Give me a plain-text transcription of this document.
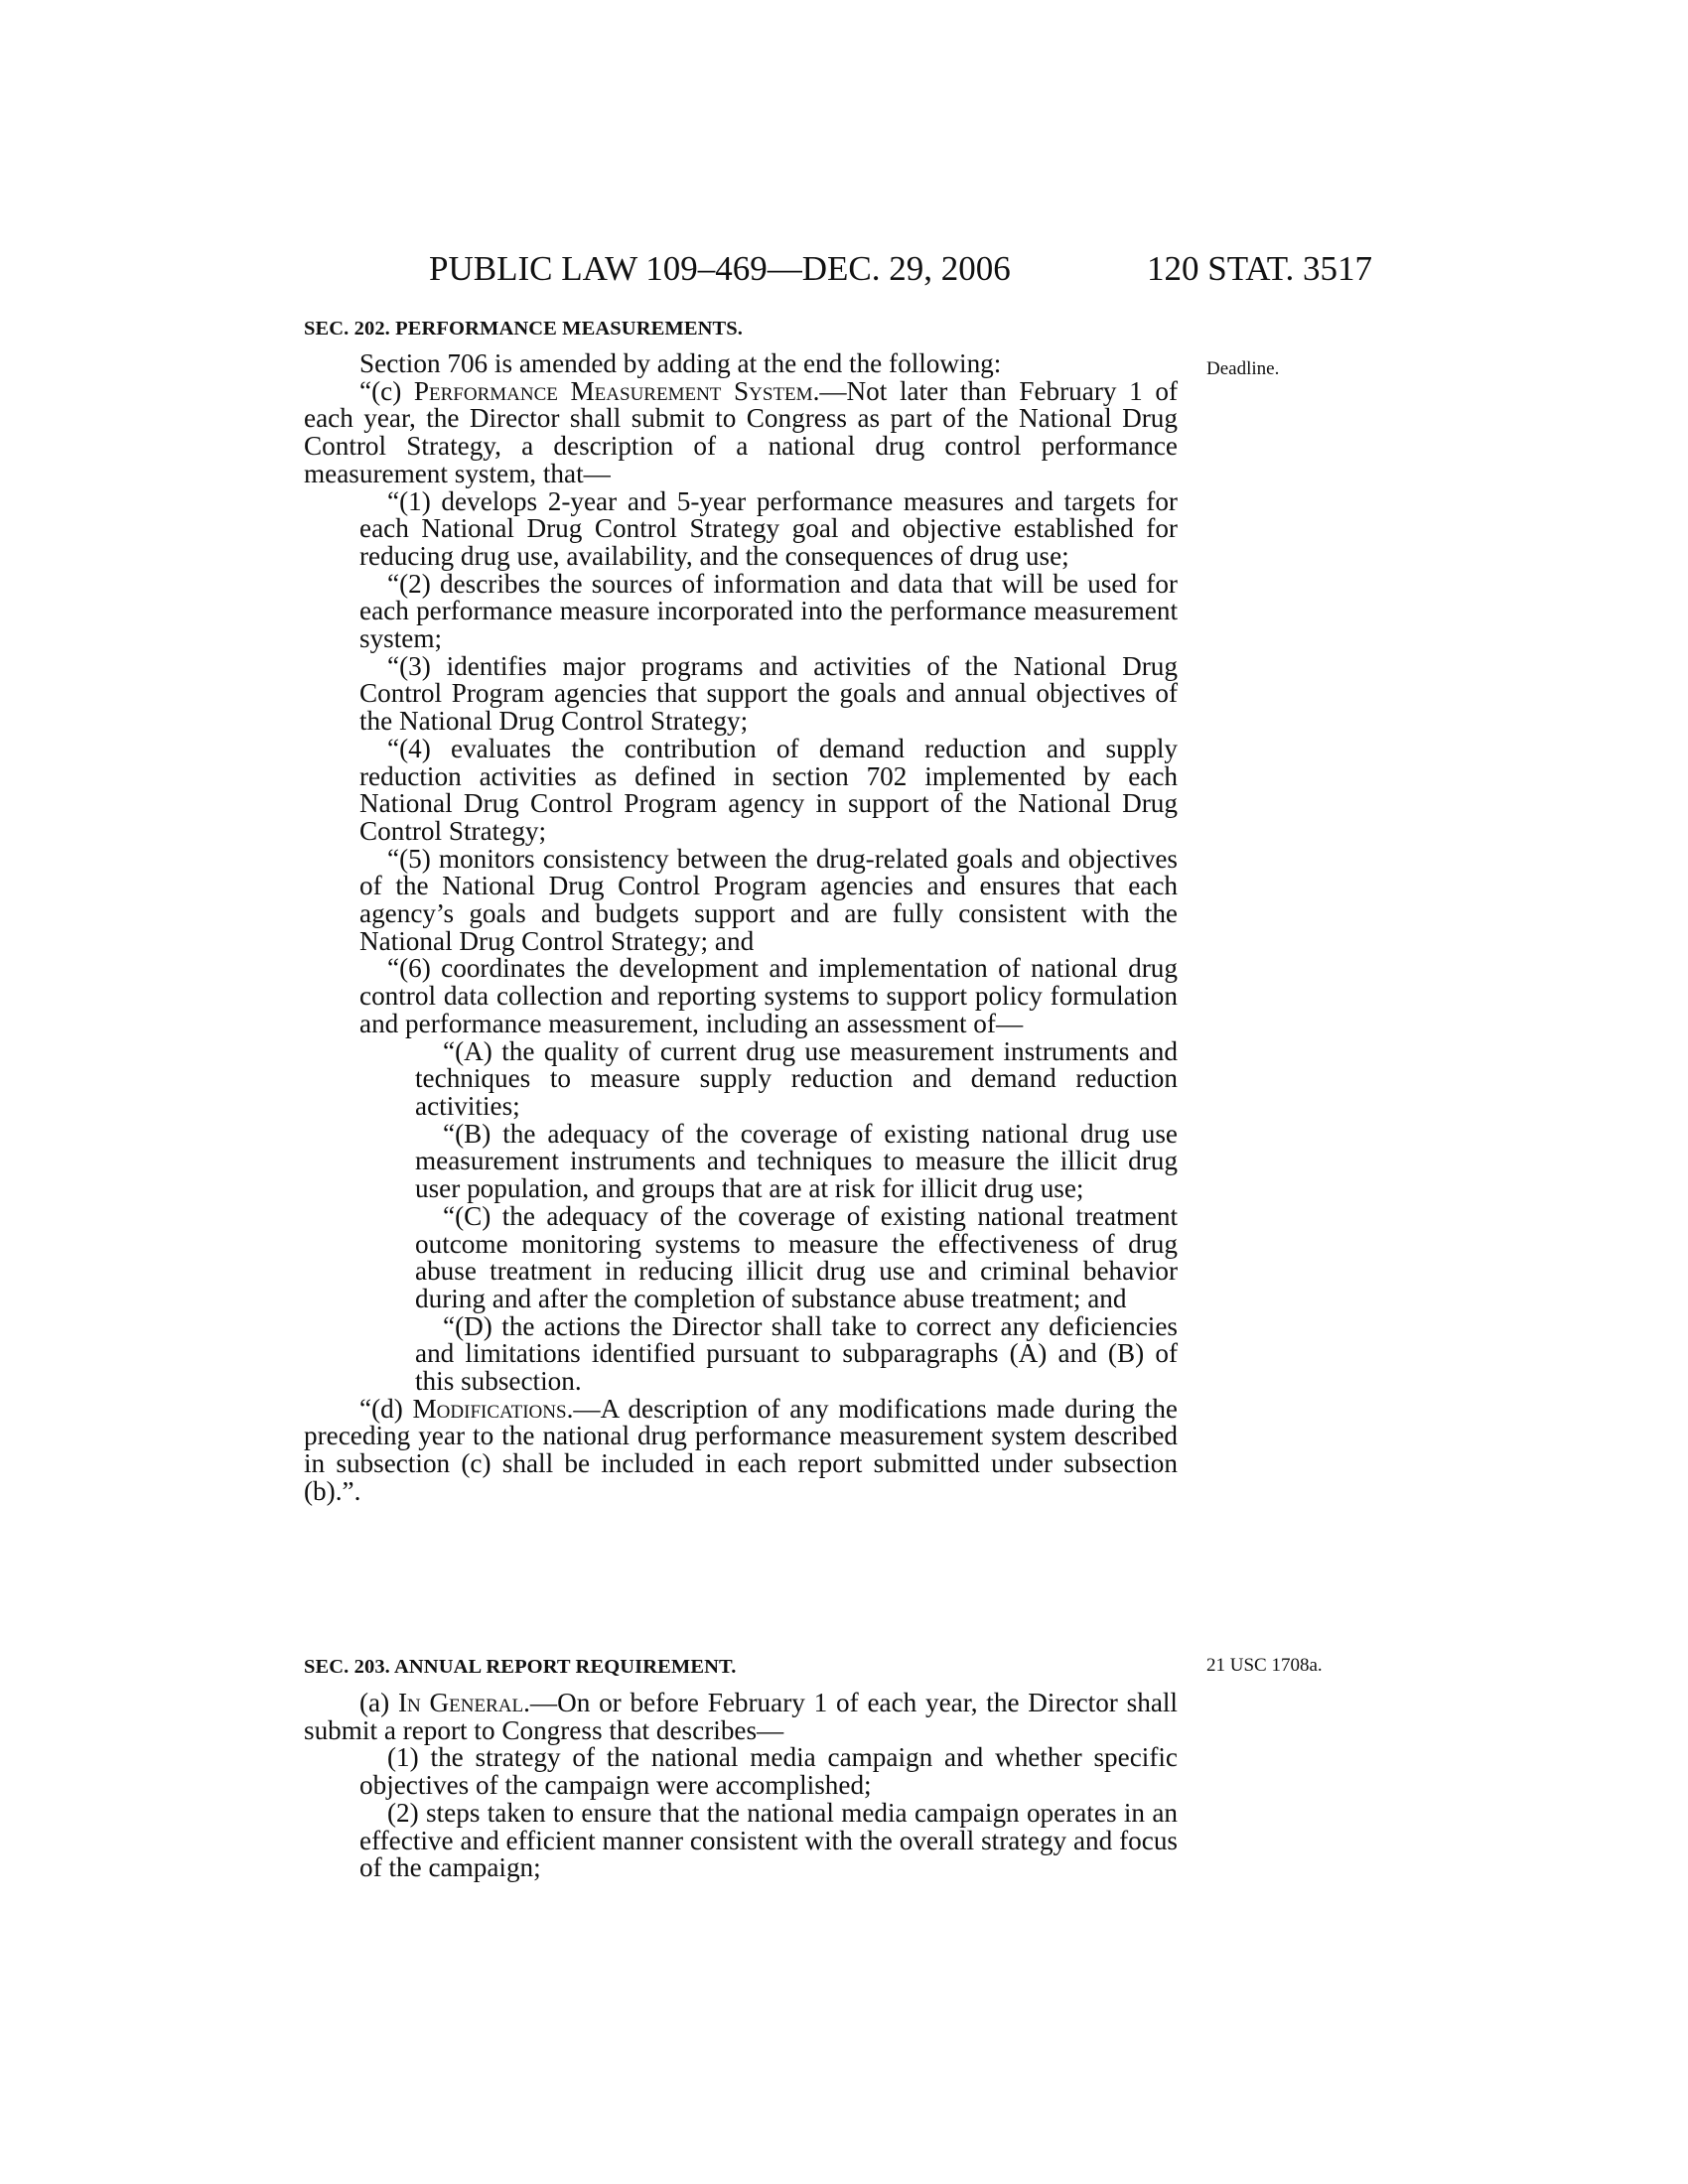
PUBLIC LAW 109–469—DEC. 29, 2006	120 STAT. 3517

SEC. 202. PERFORMANCE MEASUREMENTS.

Section 706 is amended by adding at the end the following:

“(c) Performance Measurement System.—Not later than February 1 of each year, the Director shall submit to Congress as part of the National Drug Control Strategy, a description of a national drug control performance measurement system, that—

“(1) develops 2-year and 5-year performance measures and targets for each National Drug Control Strategy goal and objective established for reducing drug use, availability, and the consequences of drug use;

“(2) describes the sources of information and data that will be used for each performance measure incorporated into the performance measurement system;

“(3) identifies major programs and activities of the National Drug Control Program agencies that support the goals and annual objectives of the National Drug Control Strategy;

“(4) evaluates the contribution of demand reduction and supply reduction activities as defined in section 702 implemented by each National Drug Control Program agency in support of the National Drug Control Strategy;

“(5) monitors consistency between the drug-related goals and objectives of the National Drug Control Program agencies and ensures that each agency’s goals and budgets support and are fully consistent with the National Drug Control Strategy; and

“(6) coordinates the development and implementation of national drug control data collection and reporting systems to support policy formulation and performance measurement, including an assessment of—

“(A) the quality of current drug use measurement instruments and techniques to measure supply reduction and demand reduction activities;

“(B) the adequacy of the coverage of existing national drug use measurement instruments and techniques to measure the illicit drug user population, and groups that are at risk for illicit drug use;

“(C) the adequacy of the coverage of existing national treatment outcome monitoring systems to measure the effectiveness of drug abuse treatment in reducing illicit drug use and criminal behavior during and after the completion of substance abuse treatment; and

“(D) the actions the Director shall take to correct any deficiencies and limitations identified pursuant to subparagraphs (A) and (B) of this subsection.

“(d) Modifications.—A description of any modifications made during the preceding year to the national drug performance measurement system described in subsection (c) shall be included in each report submitted under subsection (b).”.

SEC. 203. ANNUAL REPORT REQUIREMENT.

(a) In General.—On or before February 1 of each year, the Director shall submit a report to Congress that describes—

(1) the strategy of the national media campaign and whether specific objectives of the campaign were accomplished;

(2) steps taken to ensure that the national media campaign operates in an effective and efficient manner consistent with the overall strategy and focus of the campaign;

Deadline.
21 USC 1708a.
